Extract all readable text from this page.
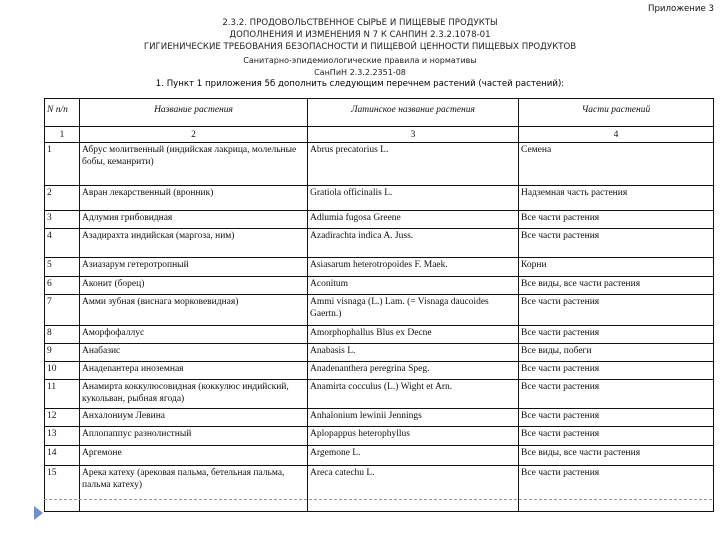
Приложение 3
2.3.2. ПРОДОВОЛЬСТВЕННОЕ СЫРЬЕ И ПИЩЕВЫЕ ПРОДУКТЫ
ДОПОЛНЕНИЯ И ИЗМЕНЕНИЯ N 7 К САНПИН 2.3.2.1078-01
ГИГИЕНИЧЕСКИЕ ТРЕБОВАНИЯ БЕЗОПАСНОСТИ И ПИЩЕВОЙ ЦЕННОСТИ ПИЩЕВЫХ ПРОДУКТОВ
Санитарно-эпидемиологические правила и нормативы
СанПиН 2.3.2.2351-08
1. Пункт 1 приложения 5б дополнить следующим перечнем растений (частей растений):
N п/п	Название растения	Латинское название растения	Части растений
1	2	3	4
1	Абрус молитвенный (индийская лакрица, молельные бобы, кеманрити)	Abrus precatorius L.	Семена
2	Авран лекарственный (вронник)	Gratiola officinalis L.	Надземная часть растения
3	Адлумия грибовидная	Adlumia fugosa Greene	Все части растения
4	Азадирахта индийская (маргоза, ним)	Azadirachta indica A. Juss.	Все части растения
5	Азиазарум гетеротропный	Asiasarum heterotropoides F. Maek.	Корни
6	Аконит (борец)	Aconitum	Все виды, все части растения
7	Амми зубная (виснага морковевидная)	Ammi visnaga (L.) Lam. (= Visnaga daucoides Gaertn.)	Все части растения
8	Аморфофаллус	Amorphophallus Blus ex Decne	Все части растения
9	Анабазис	Anabasis L.	Все виды, побеги
10	Анадenантера иноземная	Anadenanthera peregrina Speg.	Все части растения
11	Анамирта коккулюсовидная (коккулюс индийский, кукольван, рыбная ягода)	Anamirta cocculus (L.) Wight et Arn.	Все части растения
12	Анхалониум Левина	Anhalonium lewinii Jennings	Все части растения
13	Аплопаппус разнолистный	Aplopappus heterophyllus	Все части растения
14	Аргемоне	Argemone L.	Все виды, все части растения
15	Арека катеху (арековая пальма, бетельная пальма, пальма катеху)	Areca catechu L.	Все части растения
